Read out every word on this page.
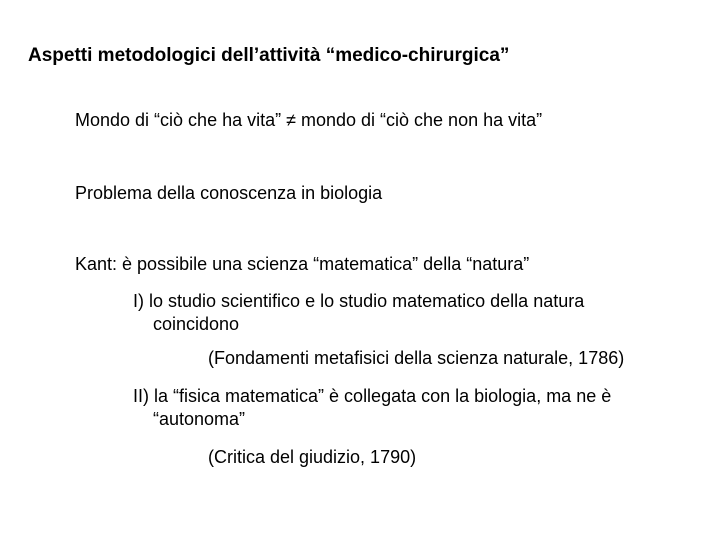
Aspetti metodologici dell’attività “medico-chirurgica”
Mondo di “ciò che ha vita” ≠ mondo di “ciò che non ha vita”
Problema della conoscenza in biologia
Kant: è possibile una scienza “matematica” della “natura”
I) lo studio scientifico e lo studio matematico della natura
coincidono
(Fondamenti metafisici della scienza naturale, 1786)
II) la “fisica matematica” è collegata con la biologia, ma ne è
“autonoma”
(Critica del giudizio, 1790)
